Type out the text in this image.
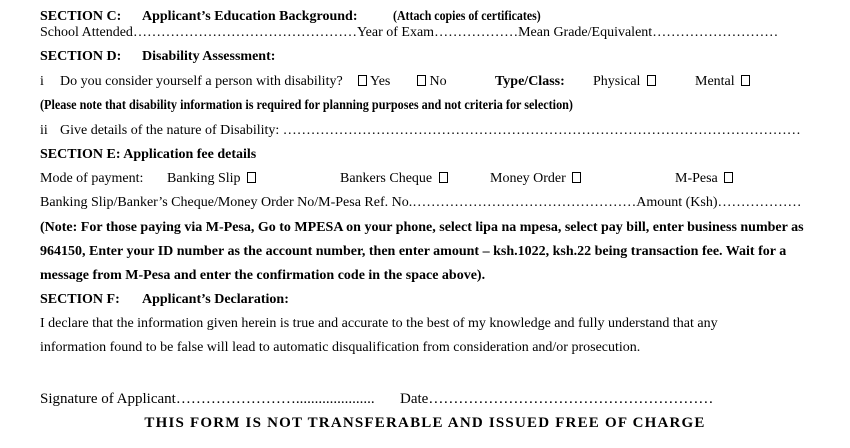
SECTION C: Applicant’s Education Background:	(Attach copies of certificates)
School Attended…………………………………………Year of Exam………………Mean Grade/Equivalent………………………
SECTION D: Disability Assessment:
i Do you consider yourself a person with disability?	Yes	No	Type/Class: Physical	Mental
(Please note that disability information is required for planning purposes and not criteria for selection)
ii Give details of the nature of Disability: …………………………………………………………………………………………………
SECTION E: Application fee details
Mode of payment: Banking Slip	Bankers Cheque	Money Order	M-Pesa
Banking Slip/Banker’s Cheque/Money Order No/M-Pesa Ref. No.…………………………………………Amount (Ksh)………………
(Note: For those paying via M-Pesa, Go to MPESA on your phone, select lipa na mpesa, select pay bill, enter business number as
964150, Enter your ID number as the account number, then enter amount – ksh.1022, ksh.22 being transaction fee. Wait for a
message from M-Pesa and enter the confirmation code in the space above).
SECTION F: Applicant’s Declaration:
I declare that the information given herein is true and accurate to the best of my knowledge and fully understand that any
information found to be false will lead to automatic disqualification from consideration and/or prosecution.
Signature of Applicant……………………..................... Date…………………………………………………
THIS FORM IS NOT TRANSFERABLE AND ISSUED FREE OF CHARGE
